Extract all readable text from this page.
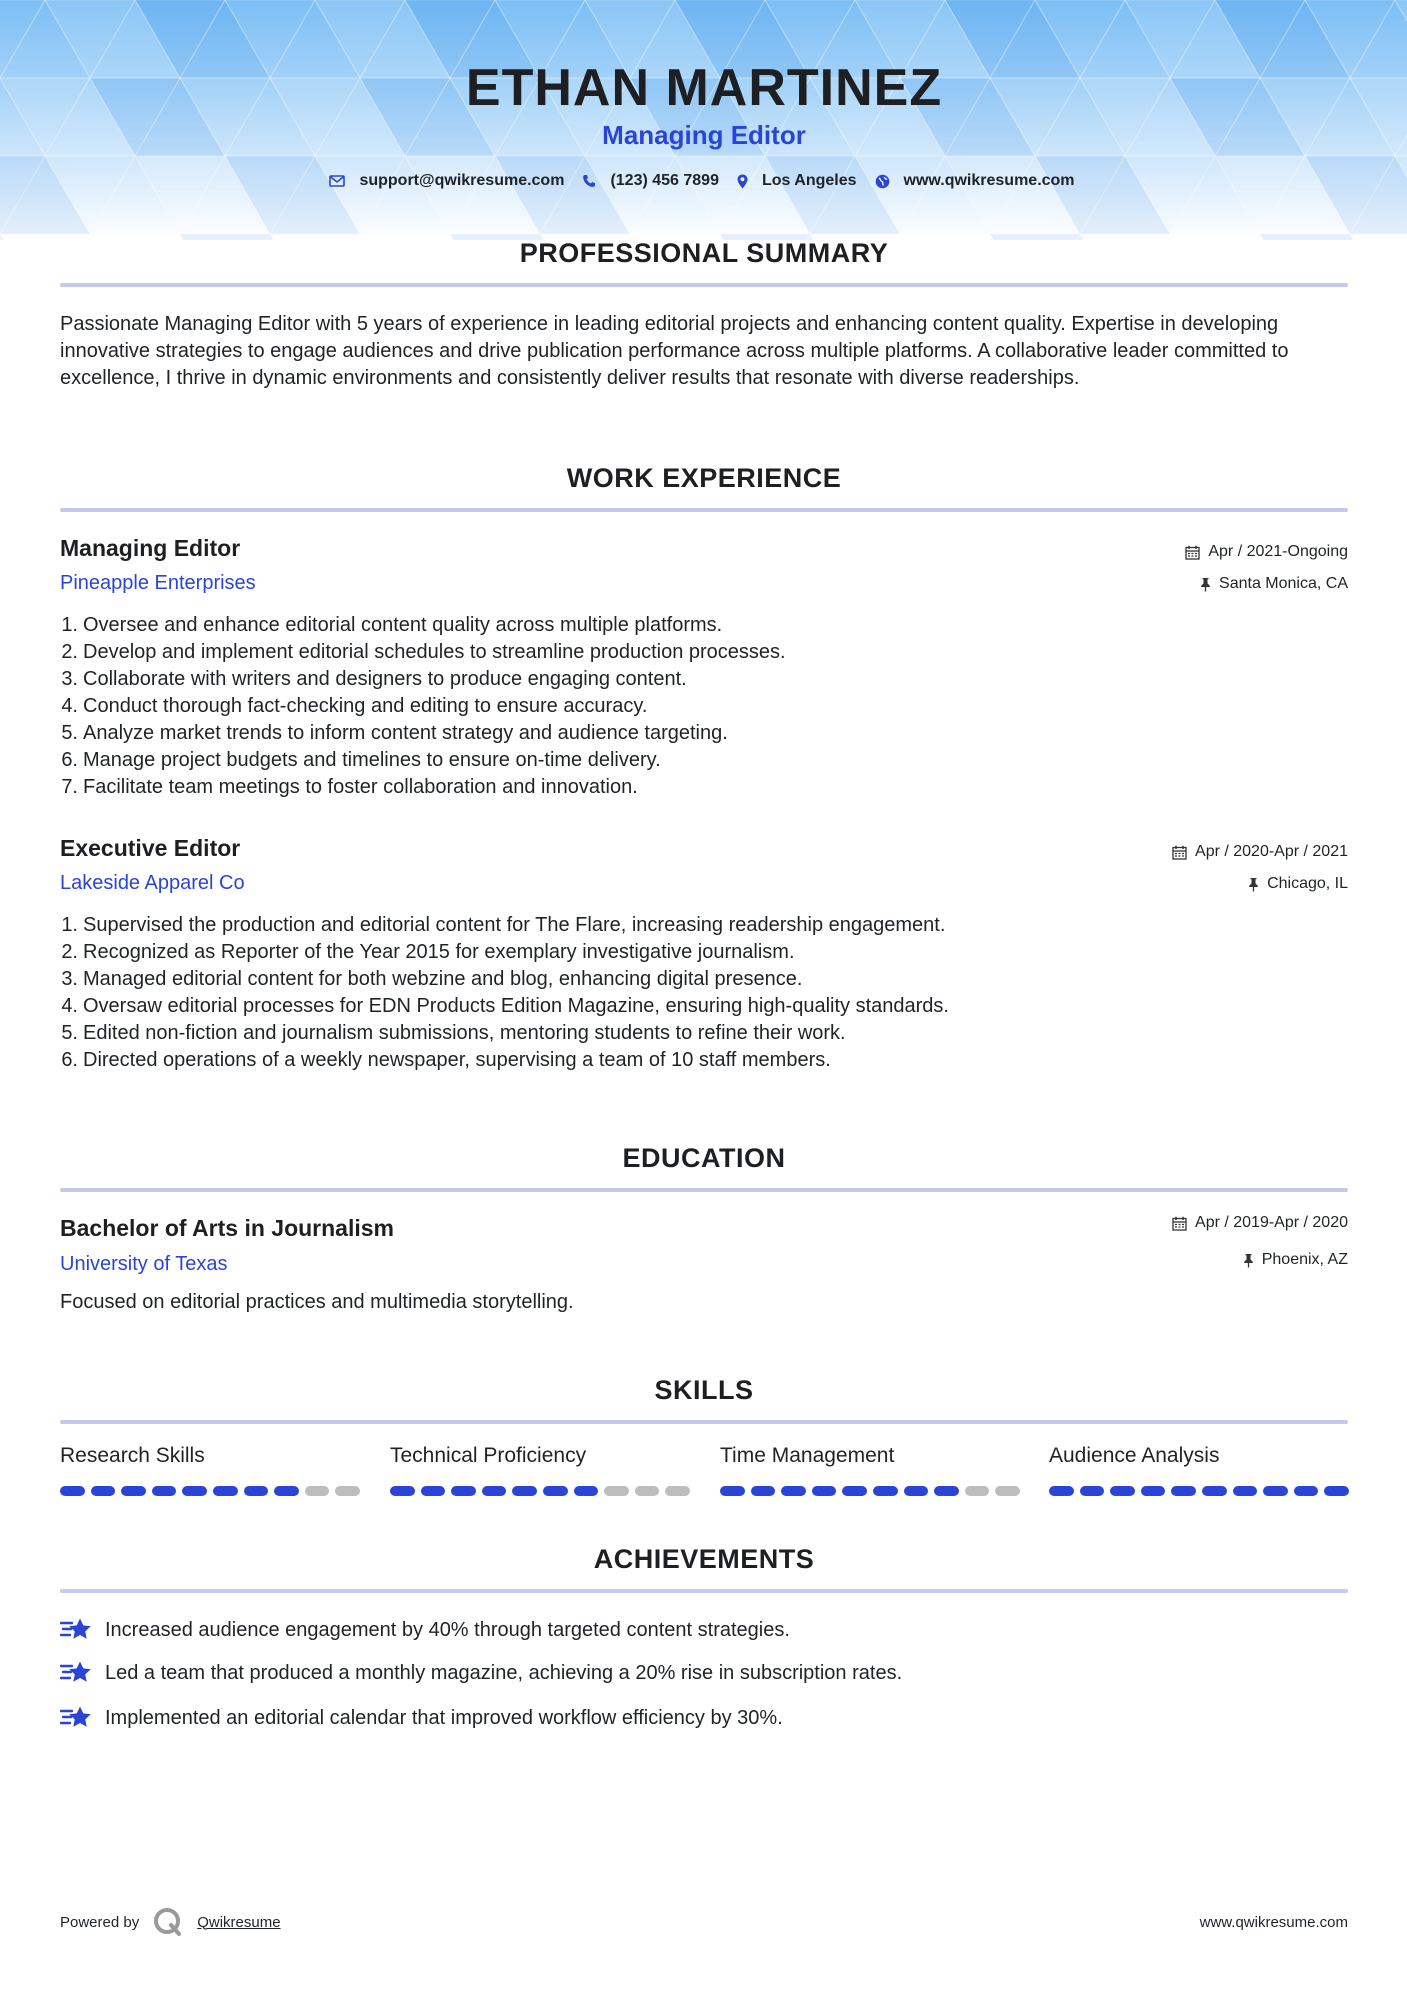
ETHAN MARTINEZ
Managing Editor
support@qwikresume.com	(123) 456 7899	Los Angeles	www.qwikresume.com
PROFESSIONAL SUMMARY
Passionate Managing Editor with 5 years of experience in leading editorial projects and enhancing content quality. Expertise in developing innovative strategies to engage audiences and drive publication performance across multiple platforms. A collaborative leader committed to excellence, I thrive in dynamic environments and consistently deliver results that resonate with diverse readerships.
WORK EXPERIENCE
Managing Editor
Pineapple Enterprises
Apr / 2021-Ongoing
Santa Monica, CA
1. Oversee and enhance editorial content quality across multiple platforms.
2. Develop and implement editorial schedules to streamline production processes.
3. Collaborate with writers and designers to produce engaging content.
4. Conduct thorough fact-checking and editing to ensure accuracy.
5. Analyze market trends to inform content strategy and audience targeting.
6. Manage project budgets and timelines to ensure on-time delivery.
7. Facilitate team meetings to foster collaboration and innovation.
Executive Editor
Lakeside Apparel Co
Apr / 2020-Apr / 2021
Chicago, IL
1. Supervised the production and editorial content for The Flare, increasing readership engagement.
2. Recognized as Reporter of the Year 2015 for exemplary investigative journalism.
3. Managed editorial content for both webzine and blog, enhancing digital presence.
4. Oversaw editorial processes for EDN Products Edition Magazine, ensuring high-quality standards.
5. Edited non-fiction and journalism submissions, mentoring students to refine their work.
6. Directed operations of a weekly newspaper, supervising a team of 10 staff members.
EDUCATION
Bachelor of Arts in Journalism
University of Texas
Apr / 2019-Apr / 2020
Phoenix, AZ
Focused on editorial practices and multimedia storytelling.
SKILLS
Research Skills	Technical Proficiency	Time Management	Audience Analysis
ACHIEVEMENTS
Increased audience engagement by 40% through targeted content strategies.
Led a team that produced a monthly magazine, achieving a 20% rise in subscription rates.
Implemented an editorial calendar that improved workflow efficiency by 30%.
Powered by	Qwikresume	www.qwikresume.com
